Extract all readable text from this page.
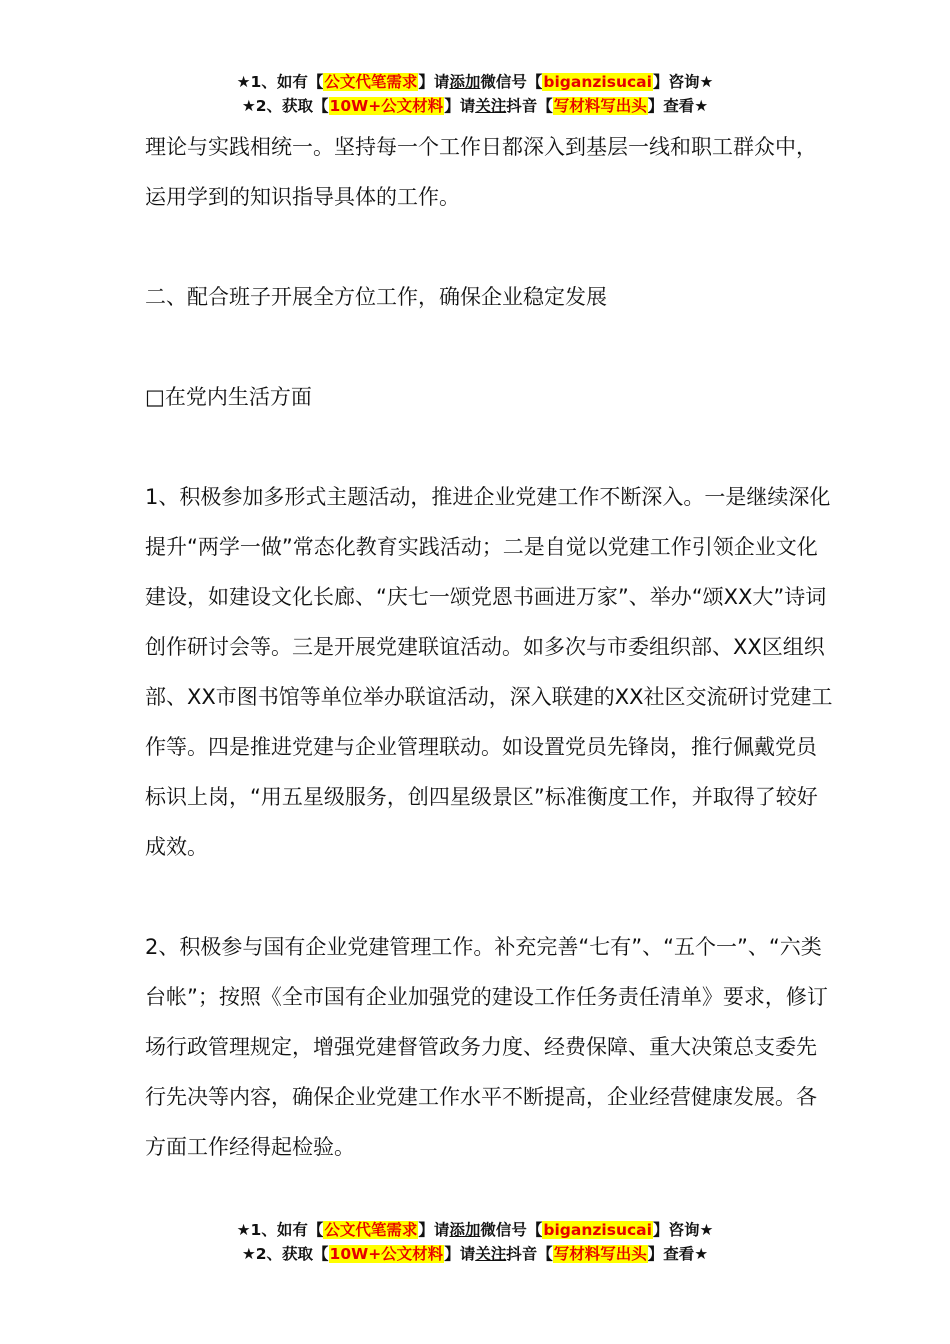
★1、如有【公文代笔需求】请添加微信号【biganzisucai】咨询★
★2、获取【10W+公文材料】请关注抖音【写材料写出头】查看★

理论与实践相统一。坚持每一个工作日都深入到基层一线和职工群众中，运用学到的知识指导具体的工作。

二、配合班子开展全方位工作，确保企业稳定发展

□在党内生活方面

1、积极参加多形式主题活动，推进企业党建工作不断深入。一是继续深化提升“两学一做”常态化教育实践活动；二是自觉以党建工作引领企业文化建设，如建设文化长廊、“庆七一颂党恩书画进万家”、举办“颂XX大”诗词创作研讨会等。三是开展党建联谊活动。如多次与市委组织部、XX区组织部、XX市图书馆等单位举办联谊活动，深入联建的XX社区交流研讨党建工作等。四是推进党建与企业管理联动。如设置党员先锋岗，推行佩戴党员标识上岗，“用五星级服务，创四星级景区”标准衡度工作，并取得了较好成效。

2、积极参与国有企业党建管理工作。补充完善“七有”、“五个一”、“六类台帐”；按照《全市国有企业加强党的建设工作任务责任清单》要求，修订场行政管理规定，增强党建督管政务力度、经费保障、重大决策总支委先行先决等内容，确保企业党建工作水平不断提高，企业经营健康发展。各方面工作经得起检验。

★1、如有【公文代笔需求】请添加微信号【biganzisucai】咨询★
★2、获取【10W+公文材料】请关注抖音【写材料写出头】查看★
